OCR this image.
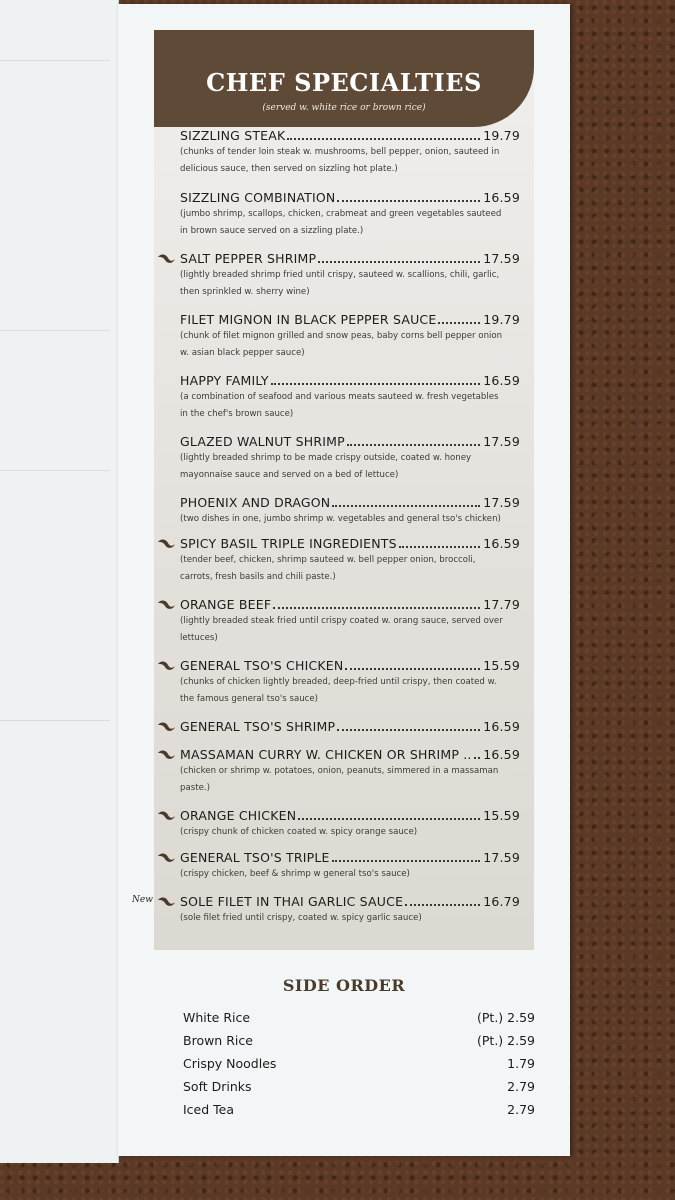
CHEF SPECIALTIES
(served w. white rice or brown rice)
SIZZLING STEAK	19.79
(chunks of tender loin steak w. mushrooms, bell pepper, onion, sauteed in delicious sauce, then served on sizzling hot plate.)
SIZZLING COMBINATION	16.59
(jumbo shrimp, scallops, chicken, crabmeat and green vegetables sauteed in brown sauce served on a sizzling plate.)
SALT PEPPER SHRIMP	17.59
(lightly breaded shrimp fried until crispy, sauteed w. scallions, chili, garlic, then sprinkled w. sherry wine)
FILET MIGNON IN BLACK PEPPER SAUCE	19.79
(chunk of filet mignon grilled and snow peas, baby corns bell pepper onion w. asian black pepper sauce)
HAPPY FAMILY	16.59
(a combination of seafood and various meats sauteed w. fresh vegetables in the chef's brown sauce)
GLAZED WALNUT SHRIMP	17.59
(lightly breaded shrimp to be made crispy outside, coated w. honey mayonnaise sauce and served on a bed of lettuce)
PHOENIX AND DRAGON	17.59
(two dishes in one, jumbo shrimp w. vegetables and general tso's chicken)
SPICY BASIL TRIPLE INGREDIENTS	16.59
(tender beef, chicken, shrimp sauteed w. bell pepper onion, broccoli, carrots, fresh basils and chili paste.)
ORANGE BEEF	17.79
(lightly breaded steak fried until crispy coated w. orang sauce, served over lettuces)
GENERAL TSO'S CHICKEN	15.59
(chunks of chicken lightly breaded, deep-fried until crispy, then coated w. the famous general tso's sauce)
GENERAL TSO'S SHRIMP	16.59
MASSAMAN CURRY W. CHICKEN OR SHRIMP .. 16.59
(chicken or shrimp w. potatoes, onion, peanuts, simmered in a massaman paste.)
ORANGE CHICKEN	15.59
(crispy chunk of chicken coated w. spicy orange sauce)
GENERAL TSO'S TRIPLE	17.59
(crispy chicken, beef & shrimp w general tso's sauce)
New SOLE FILET IN THAI GARLIC SAUCE	16.79
(sole filet fried until crispy, coated w. spicy garlic sauce)
SIDE ORDER
White Rice	(Pt.) 2.59
Brown Rice	(Pt.) 2.59
Crispy Noodles	1.79
Soft Drinks	2.79
Iced Tea	2.79
